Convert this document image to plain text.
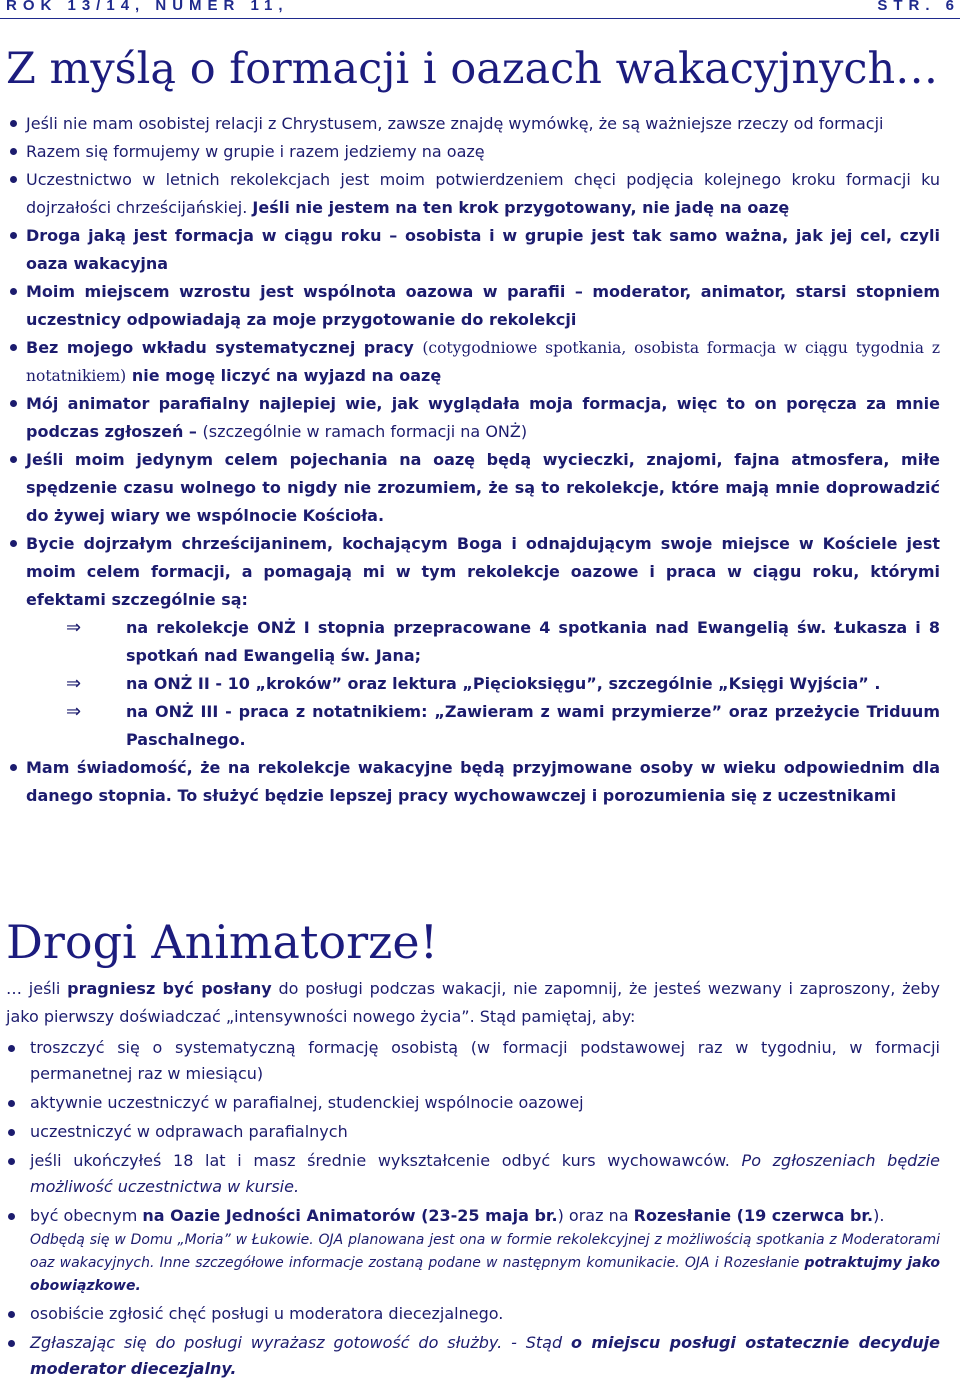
ROK 13/14, NUMER 11,	STR. 6
Z myślą o formacji i oazach wakacyjnych…
Jeśli nie mam osobistej relacji z Chrystusem, zawsze znajdę wymówkę, że są ważniejsze rzeczy od formacji
Razem się formujemy w grupie i razem jedziemy na oazę
Uczestnictwo w letnich rekolekcjach jest moim potwierdzeniem chęci podjęcia kolejnego kroku formacji ku dojrzałości chrześcijańskiej. Jeśli nie jestem na ten krok przygotowany, nie jadę na oazę
Droga jaką jest formacja w ciągu roku – osobista i w grupie jest tak samo ważna, jak jej cel, czyli oaza wakacyjna
Moim miejscem wzrostu jest wspólnota oazowa w parafii – moderator, animator, starsi stopniem uczestnicy odpowiadają za moje przygotowanie do rekolekcji
Bez mojego wkładu systematycznej pracy (cotygodniowe spotkania, osobista formacja w ciągu tygodnia z notatnikiem) nie mogę liczyć na wyjazd na oazę
Mój animator parafialny najlepiej wie, jak wyglądała moja formacja, więc to on poręcza za mnie podczas zgłoszeń – (szczególnie w ramach formacji na ONŻ)
Jeśli moim jedynym celem pojechania na oazę będą wycieczki, znajomi, fajna atmosfera, miłe spędzenie czasu wolnego to nigdy nie zrozumiem, że są to rekolekcje, które mają mnie doprowadzić do żywej wiary we wspólnocie Kościoła.
Bycie dojrzałym chrześcijaninem, kochającym Boga i odnajdującym swoje miejsce w Kościele jest moim celem formacji, a pomagają mi w tym rekolekcje oazowe i praca w ciągu roku, którymi efektami szczególnie są:
⇒	na rekolekcje ONŻ I stopnia przepracowane 4 spotkania nad Ewangelią św. Łukasza i 8 spotkań nad Ewangelią św. Jana;
⇒	na ONŻ II - 10 „kroków” oraz lektura „Pięcioksięgu”, szczególnie „Księgi Wyjścia” .
⇒	na ONŻ III - praca z notatnikiem: „Zawieram z wami przymierze” oraz przeżycie Triduum Paschalnego.
Mam świadomość, że na rekolekcje wakacyjne będą przyjmowane osoby w wieku odpowiednim dla danego stopnia. To służyć będzie lepszej pracy wychowawczej i porozumienia się z uczestnikami
Drogi Animatorze!

… jeśli pragniesz być posłany do posługi podczas wakacji, nie zapomnij, że jesteś wezwany i zaproszony, żeby jako pierwszy doświadczać „intensywności nowego życia”. Stąd pamiętaj, aby:

troszczyć się o systematyczną formację osobistą (w formacji podstawowej raz w tygodniu, w formacji permanetnej raz w miesiącu)
aktywnie uczestniczyć w parafialnej, studenckiej wspólnocie oazowej
uczestniczyć w odprawach parafialnych
jeśli ukończyłeś 18 lat i masz średnie wykształcenie odbyć kurs wychowawców. Po zgłoszeniach będzie możliwość uczestnictwa w kursie.
być obecnym na Oazie Jedności Animatorów (23-25 maja br.) oraz na Rozesłanie (19 czerwca br.).
Odbędą się w Domu „Moria” w Łukowie. OJA planowana jest ona w formie rekolekcyjnej z możliwością spotkania z Moderatorami oaz wakacyjnych. Inne szczegółowe informacje zostaną podane w następnym komunikacie. OJA i Rozesłanie potraktujmy jako obowiązkowe.
osobiście zgłosić chęć posługi u moderatora diecezjalnego.
Zgłaszając się do posługi wyrażasz gotowość do służby. - Stąd o miejscu posługi ostatecznie decyduje moderator diecezjalny.
